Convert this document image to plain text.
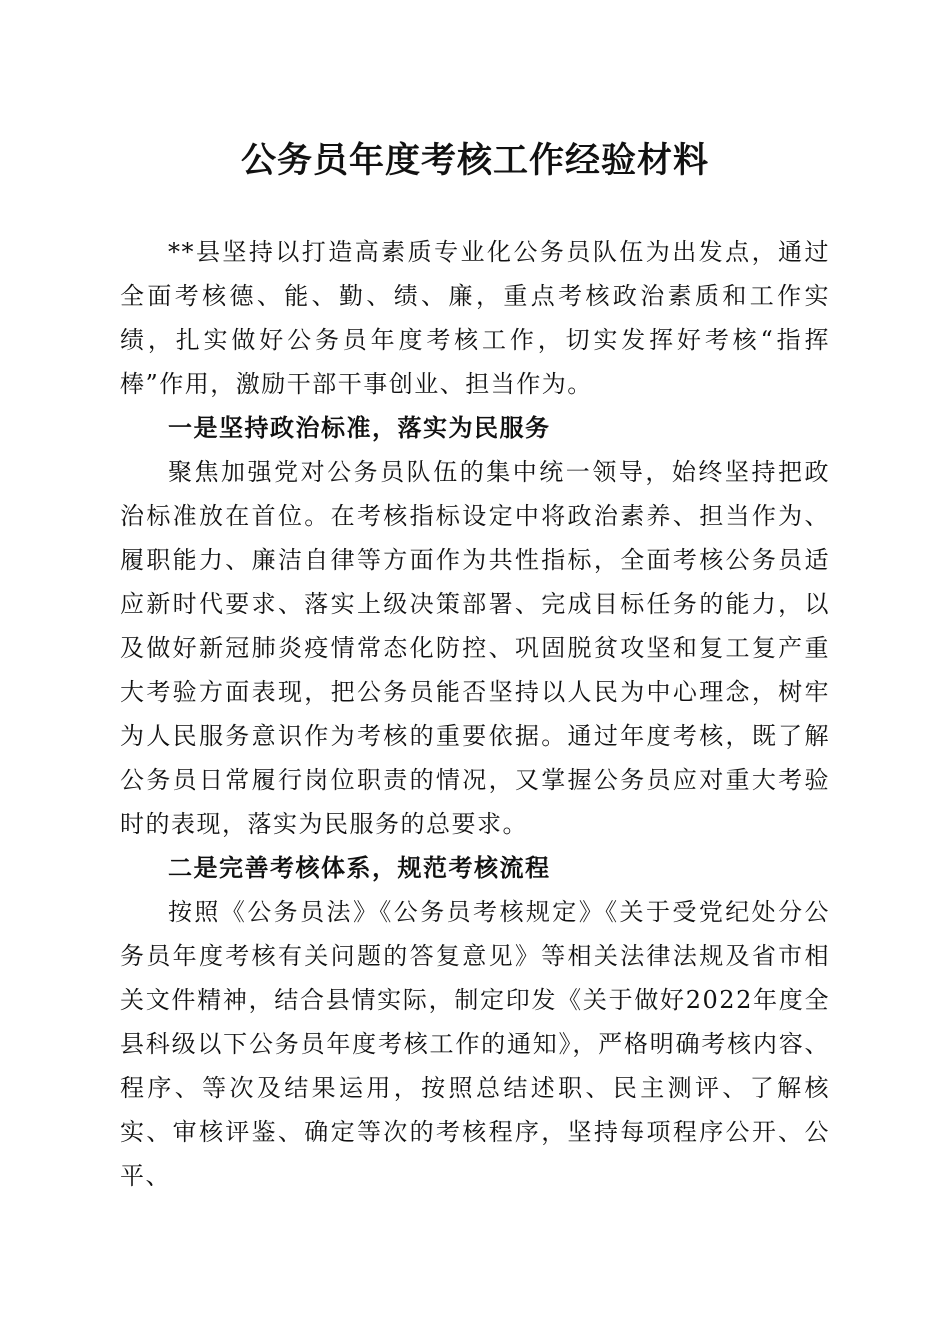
公务员年度考核工作经验材料

**县坚持以打造高素质专业化公务员队伍为出发点，通过全面考核德、能、勤、绩、廉，重点考核政治素质和工作实绩，扎实做好公务员年度考核工作，切实发挥好考核“指挥棒”作用，激励干部干事创业、担当作为。

一是坚持政治标准，落实为民服务

聚焦加强党对公务员队伍的集中统一领导，始终坚持把政治标准放在首位。在考核指标设定中将政治素养、担当作为、履职能力、廉洁自律等方面作为共性指标，全面考核公务员适应新时代要求、落实上级决策部署、完成目标任务的能力，以及做好新冠肺炎疫情常态化防控、巩固脱贫攻坚和复工复产重大考验方面表现，把公务员能否坚持以人民为中心理念，树牢为人民服务意识作为考核的重要依据。通过年度考核，既了解公务员日常履行岗位职责的情况，又掌握公务员应对重大考验时的表现，落实为民服务的总要求。

二是完善考核体系，规范考核流程

按照《公务员法》《公务员考核规定》《关于受党纪处分公务员年度考核有关问题的答复意见》等相关法律法规及省市相关文件精神，结合县情实际，制定印发《关于做好2022年度全县科级以下公务员年度考核工作的通知》，严格明确考核内容、程序、等次及结果运用，按照总结述职、民主测评、了解核实、审核评鉴、确定等次的考核程序，坚持每项程序公开、公平、
